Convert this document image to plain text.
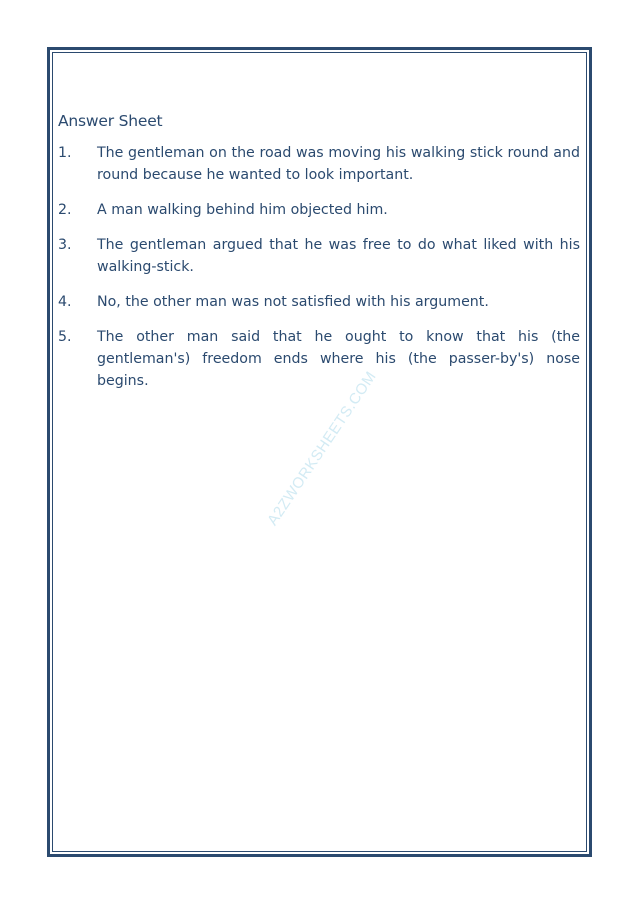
A2ZWORKSHEETS.COM
Answer Sheet
1.	The gentleman on the road was moving his walking stick round and round because he wanted to look important.
2.	A man walking behind him objected him.
3.	The gentleman argued that he was free to do what liked with his walking-stick.
4.	No, the other man was not satisfied with his argument.
5.	The other man said that he ought to know that his (the gentleman's) freedom ends where his (the passer-by's) nose begins.
